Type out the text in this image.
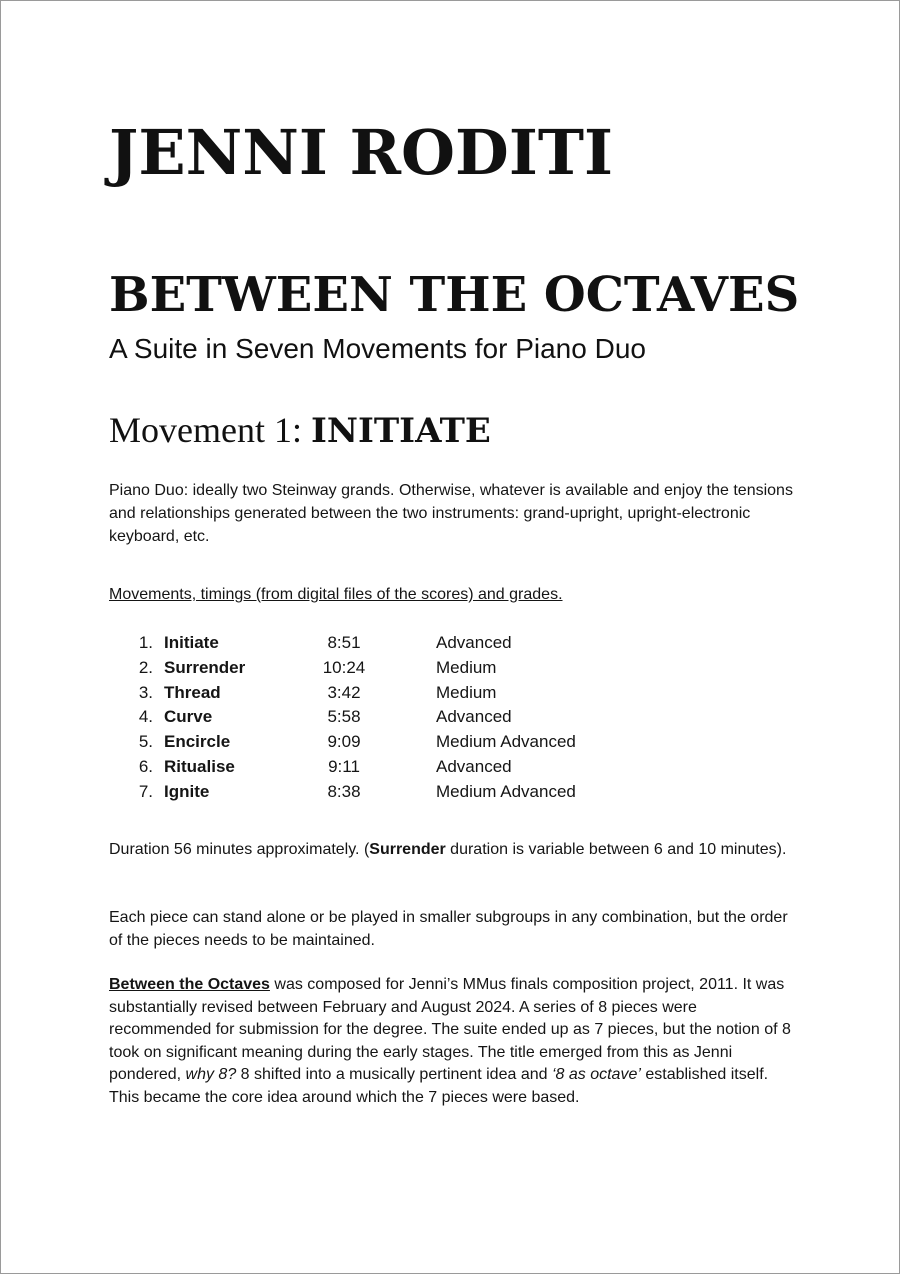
JENNI RODITI
BETWEEN THE OCTAVES
A Suite in Seven Movements for Piano Duo
Movement 1: INITIATE

Piano Duo: ideally two Steinway grands. Otherwise, whatever is available and enjoy the tensions and relationships generated between the two instruments: grand-upright, upright-electronic keyboard, etc.

Movements, timings (from digital files of the scores) and grades.

1. Initiate	8:51	Advanced
2. Surrender	10:24	Medium
3. Thread	3:42	Medium
4. Curve	5:58	Advanced
5. Encircle	9:09	Medium Advanced
6. Ritualise	9:11	Advanced
7. Ignite	8:38	Medium Advanced

Duration 56 minutes approximately. (Surrender duration is variable between 6 and 10 minutes).

Each piece can stand alone or be played in smaller subgroups in any combination, but the order of the pieces needs to be maintained.

Between the Octaves was composed for Jenni’s MMus finals composition project, 2011. It was substantially revised between February and August 2024. A series of 8 pieces were recommended for submission for the degree. The suite ended up as 7 pieces, but the notion of 8 took on significant meaning during the early stages. The title emerged from this as Jenni pondered, why 8? 8 shifted into a musically pertinent idea and ‘8 as octave’ established itself. This became the core idea around which the 7 pieces were based.
